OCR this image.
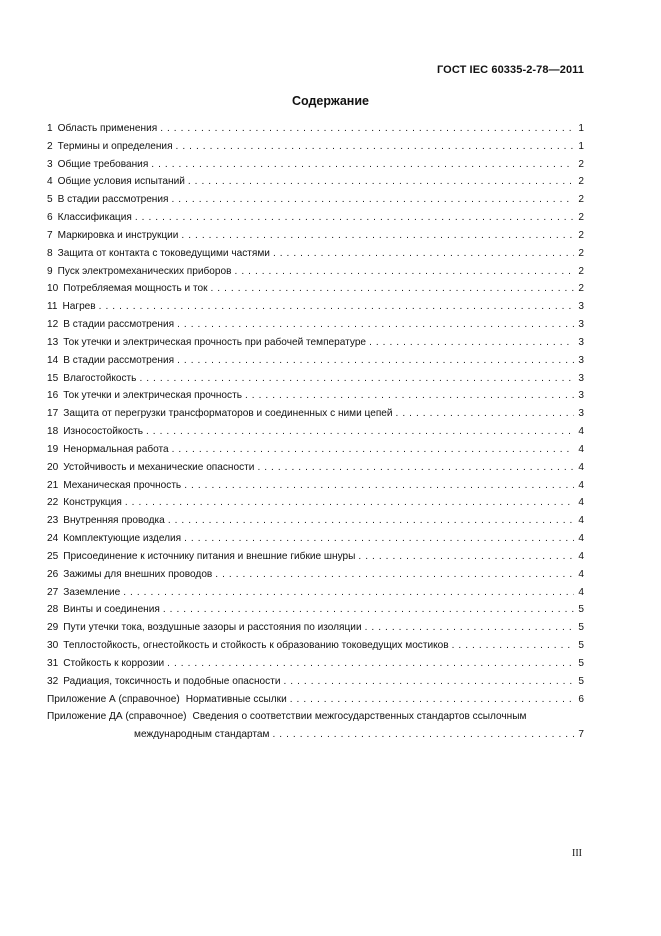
ГОСТ IEC 60335-2-78—2011
Содержание
1 Область применения . . .	1
2 Термины и определения . . .	1
3 Общие требования . . .	2
4 Общие условия испытаний . . .	2
5 В стадии рассмотрения . . .	2
6 Классификация . . .	2
7 Маркировка и инструкции . . .	2
8 Защита от контакта с токоведущими частями . . .	2
9 Пуск электромеханических приборов . . .	2
10 Потребляемая мощность и ток . . .	2
11 Нагрев . . .	3
12 В стадии рассмотрения . . .	3
13 Ток утечки и электрическая прочность при рабочей температуре . . .	3
14 В стадии рассмотрения . . .	3
15 Влагостойкость . . .	3
16 Ток утечки и электрическая прочность . . .	3
17 Защита от перегрузки трансформаторов и соединенных с ними цепей . . .	3
18 Износостойкость . . .	4
19 Ненормальная работа . . .	4
20 Устойчивость и механические опасности . . .	4
21 Механическая прочность . . .	4
22 Конструкция . . .	4
23 Внутренняя проводка . . .	4
24 Комплектующие изделия . . .	4
25 Присоединение к источнику питания и внешние гибкие шнуры . . .	4
26 Зажимы для внешних проводов . . .	4
27 Заземление . . .	4
28 Винты и соединения . . .	5
29 Пути утечки тока, воздушные зазоры и расстояния по изоляции . . .	5
30 Теплостойкость, огнестойкость и стойкость к образованию токоведущих мостиков . . .	5
31 Стойкость к коррозии . . .	5
32 Радиация, токсичность и подобные опасности . . .	5
Приложение А (справочное) Нормативные ссылки . . .	6
Приложение ДА (справочное) Сведения о соответствии межгосударственных стандартов ссылочным
международным стандартам . . .	7
III
